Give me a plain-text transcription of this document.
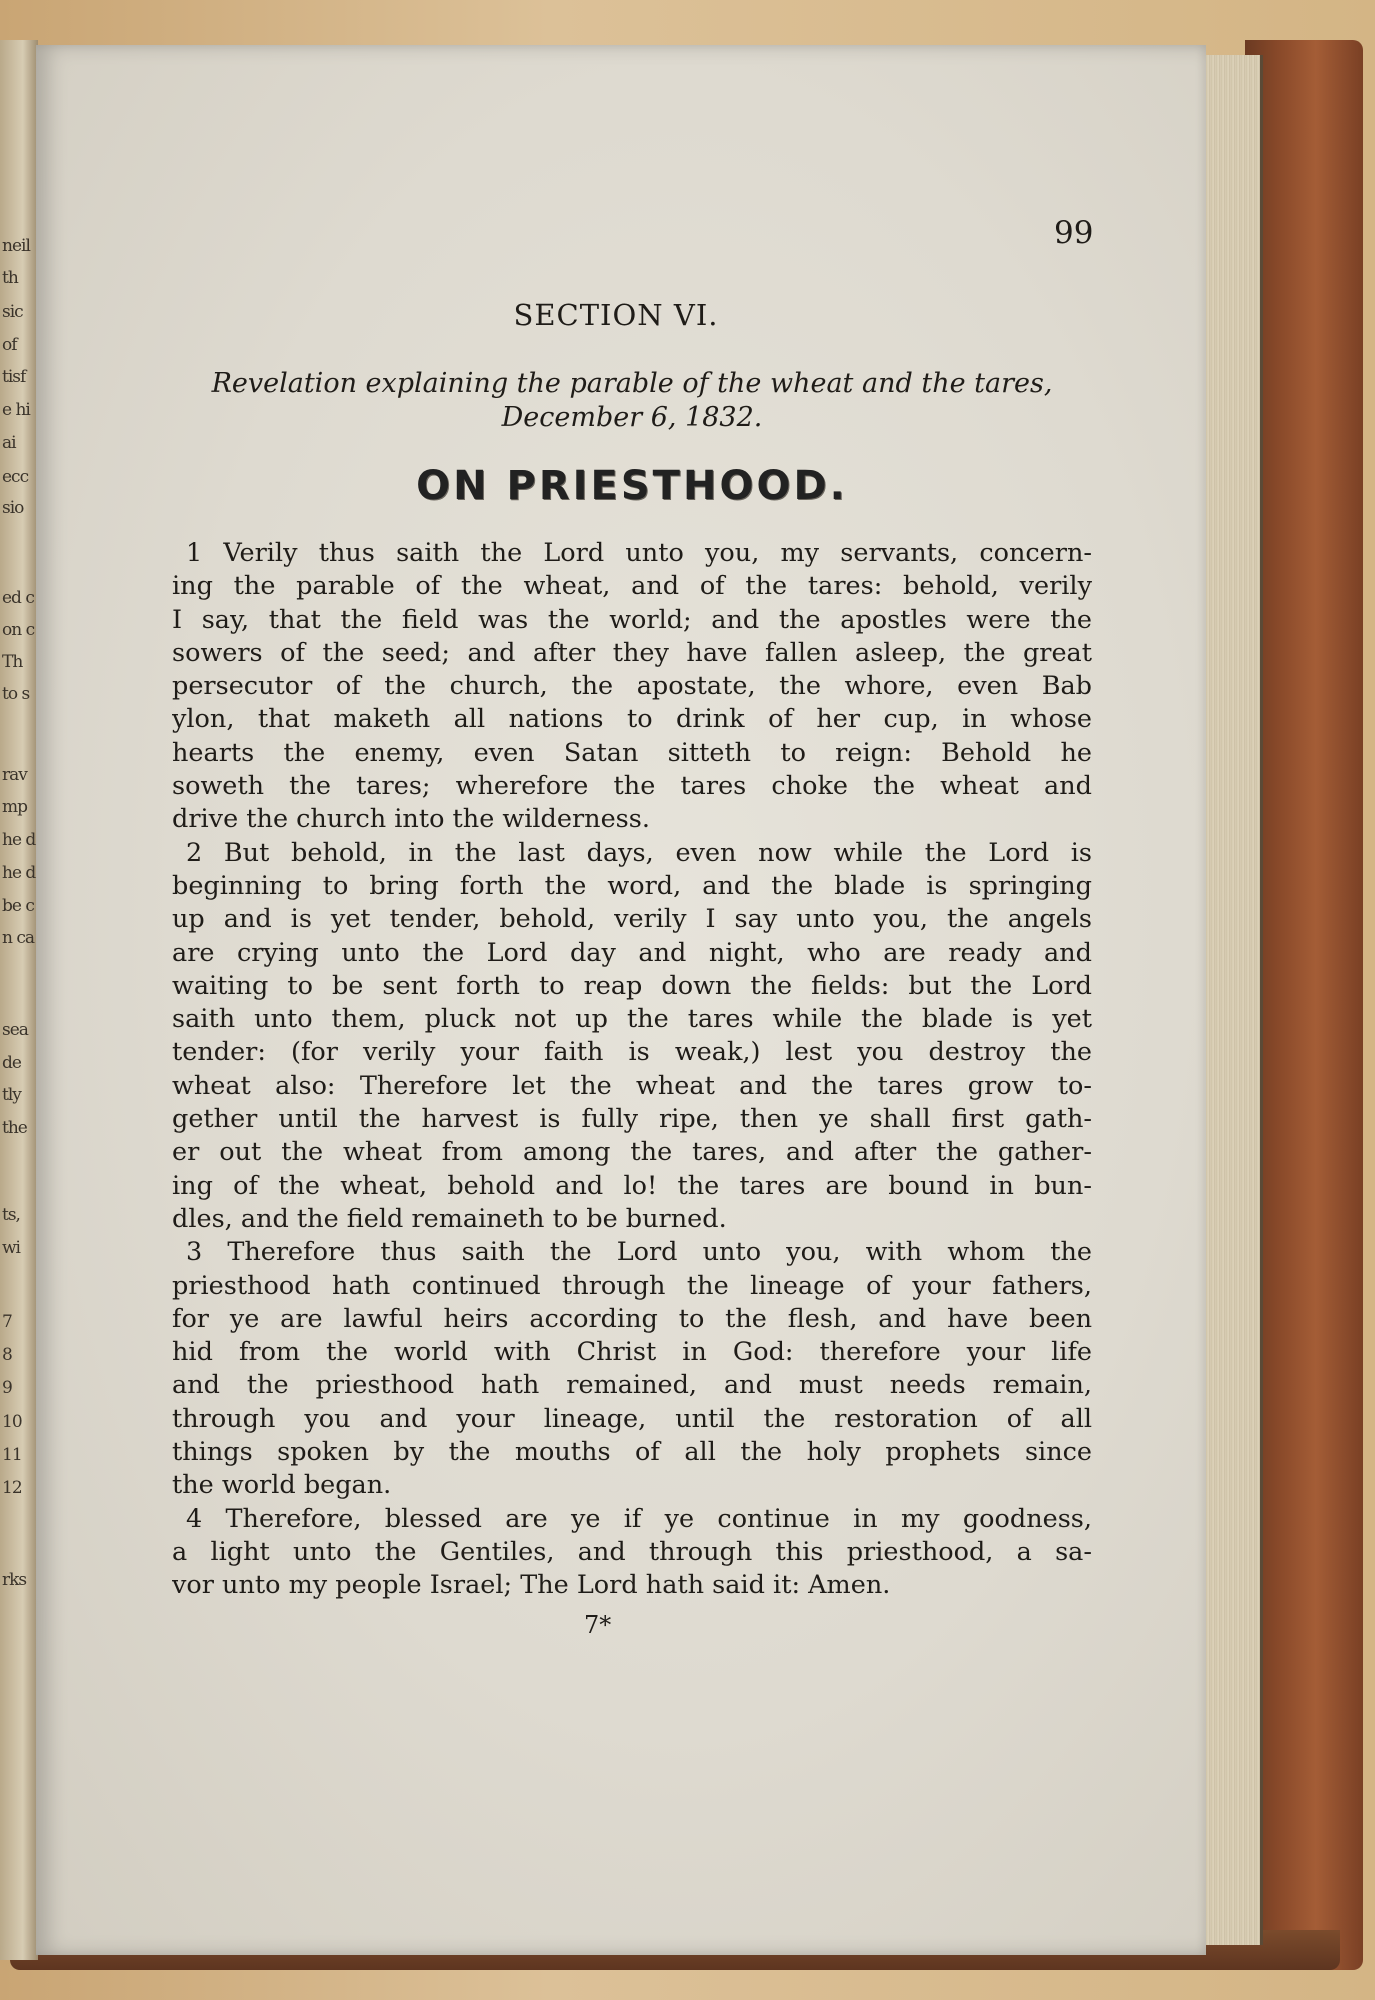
neil
th
sic
of
tisf
e hi
ai
ecc
sio
ed c
on c
Th
to s
rav
mp
he d
he d
be c
n ca
sea
de
tly
the
ts,
wi
7
8
9
10
11
12
rks
99
SECTION VI.
Revelation explaining the parable of the wheat and the tares,
December 6, 1832.
ON PRIESTHOOD.
1 Verily thus saith the Lord unto you, my servants, concern-
ing the parable of the wheat, and of the tares: behold, verily
I say, that the field was the world; and the apostles were the
sowers of the seed; and after they have fallen asleep, the great
persecutor of the church, the apostate, the whore, even Bab
ylon, that maketh all nations to drink of her cup, in whose
hearts the enemy, even Satan sitteth to reign: Behold he
soweth the tares; wherefore the tares choke the wheat and
drive the church into the wilderness.
2 But behold, in the last days, even now while the Lord is
beginning to bring forth the word, and the blade is springing
up and is yet tender, behold, verily I say unto you, the angels
are crying unto the Lord day and night, who are ready and
waiting to be sent forth to reap down the fields: but the Lord
saith unto them, pluck not up the tares while the blade is yet
tender: (for verily your faith is weak,) lest you destroy the
wheat also: Therefore let the wheat and the tares grow to-
gether until the harvest is fully ripe, then ye shall first gath-
er out the wheat from among the tares, and after the gather-
ing of the wheat, behold and lo! the tares are bound in bun-
dles, and the field remaineth to be burned.
3 Therefore thus saith the Lord unto you, with whom the
priesthood hath continued through the lineage of your fathers,
for ye are lawful heirs according to the flesh, and have been
hid from the world with Christ in God: therefore your life
and the priesthood hath remained, and must needs remain,
through you and your lineage, until the restoration of all
things spoken by the mouths of all the holy prophets since
the world began.
4 Therefore, blessed are ye if ye continue in my goodness,
a light unto the Gentiles, and through this priesthood, a sa-
vor unto my people Israel; The Lord hath said it: Amen.
7*
